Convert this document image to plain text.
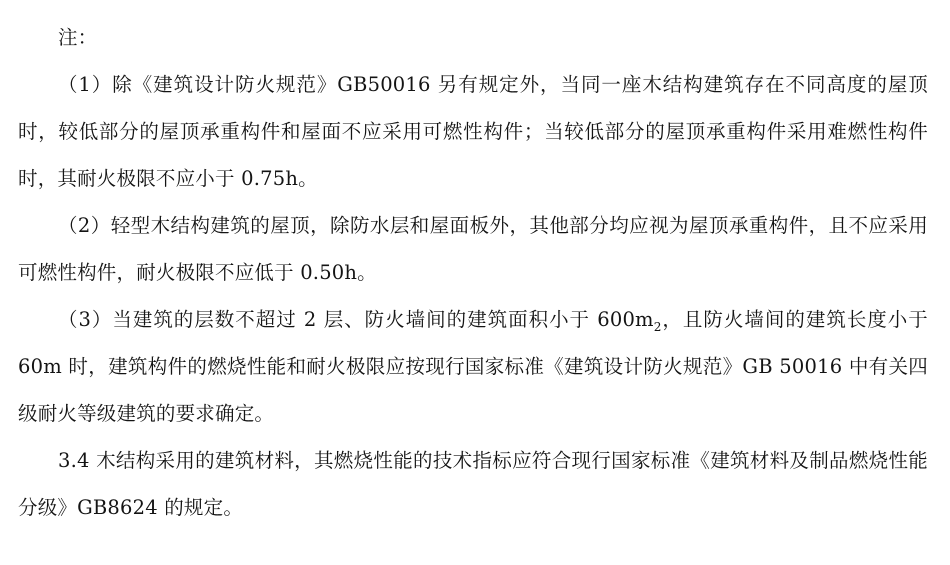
注：

（1）除《建筑设计防火规范》GB50016 另有规定外，当同一座木结构建筑存在不同高度的屋顶时，较低部分的屋顶承重构件和屋面不应采用可燃性构件；当较低部分的屋顶承重构件采用难燃性构件时，其耐火极限不应小于 0.75h。

（2）轻型木结构建筑的屋顶，除防水层和屋面板外，其他部分均应视为屋顶承重构件，且不应采用可燃性构件，耐火极限不应低于 0.50h。

（3）当建筑的层数不超过 2 层、防火墙间的建筑面积小于 $600m_2$，且防火墙间的建筑长度小于 60m 时，建筑构件的燃烧性能和耐火极限应按现行国家标准《建筑设计防火规范》GB 50016 中有关四级耐火等级建筑的要求确定。

3.4 木结构采用的建筑材料，其燃烧性能的技术指标应符合现行国家标准《建筑材料及制品燃烧性能分级》GB8624 的规定。
